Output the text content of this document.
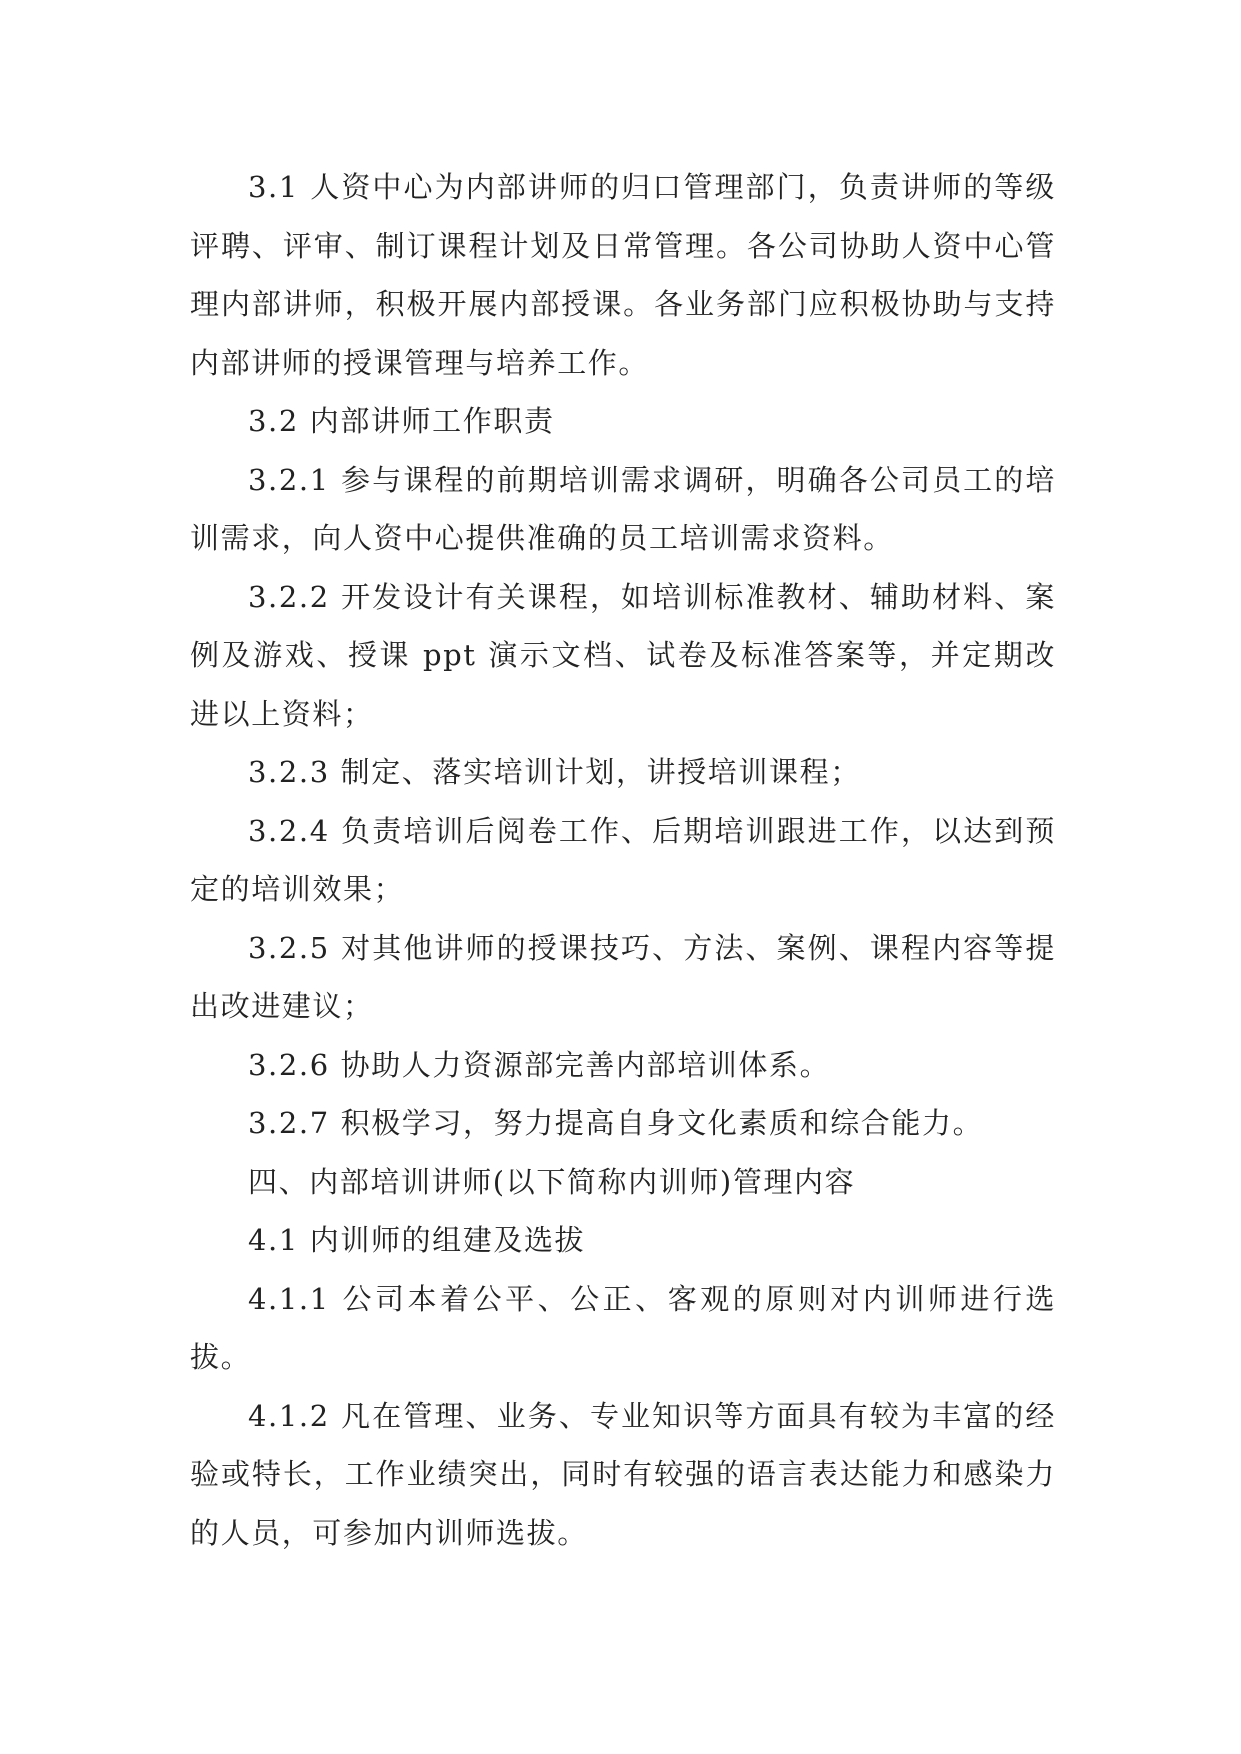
3.1 人资中心为内部讲师的归口管理部门，负责讲师的等级评聘、评审、制订课程计划及日常管理。各公司协助人资中心管理内部讲师，积极开展内部授课。各业务部门应积极协助与支持内部讲师的授课管理与培养工作。

3.2 内部讲师工作职责

3.2.1 参与课程的前期培训需求调研，明确各公司员工的培训需求，向人资中心提供准确的员工培训需求资料。

3.2.2 开发设计有关课程，如培训标准教材、辅助材料、案例及游戏、授课 ppt 演示文档、试卷及标准答案等，并定期改进以上资料；

3.2.3 制定、落实培训计划，讲授培训课程；

3.2.4 负责培训后阅卷工作、后期培训跟进工作，以达到预定的培训效果；

3.2.5 对其他讲师的授课技巧、方法、案例、课程内容等提出改进建议；

3.2.6 协助人力资源部完善内部培训体系。

3.2.7 积极学习，努力提高自身文化素质和综合能力。

四、内部培训讲师(以下简称内训师)管理内容

4.1 内训师的组建及选拔

4.1.1 公司本着公平、公正、客观的原则对内训师进行选拔。

4.1.2 凡在管理、业务、专业知识等方面具有较为丰富的经验或特长，工作业绩突出，同时有较强的语言表达能力和感染力的人员，可参加内训师选拔。
